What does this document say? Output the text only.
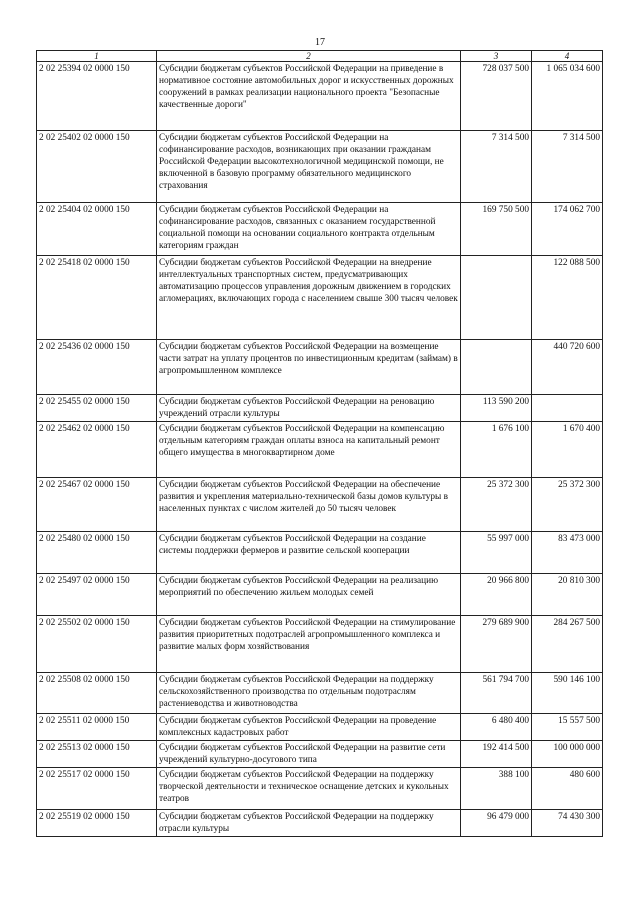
17
1	2	3	4
2 02 25394 02 0000 150	Субсидии бюджетам субъектов Российской Федерации на приведение в нормативное состояние автомобильных дорог и искусственных дорожных сооружений в рамках реализации национального проекта "Безопасные качественные дороги"	728 037 500	1 065 034 600
2 02 25402 02 0000 150	Субсидии бюджетам субъектов Российской Федерации на софинансирование расходов, возникающих при оказании гражданам Российской Федерации высокотехнологичной медицинской помощи, не включенной в базовую программу обязательного медицинского страхования	7 314 500	7 314 500
2 02 25404 02 0000 150	Субсидии бюджетам субъектов Российской Федерации на софинансирование расходов, связанных с оказанием государственной социальной помощи на основании социального контракта отдельным категориям граждан	169 750 500	174 062 700
2 02 25418 02 0000 150	Субсидии бюджетам субъектов Российской Федерации на внедрение интеллектуальных транспортных систем, предусматривающих автоматизацию процессов управления дорожным движением в городских агломерациях, включающих города с населением свыше 300 тысяч человек		122 088 500
2 02 25436 02 0000 150	Субсидии бюджетам субъектов Российской Федерации на возмещение части затрат на уплату процентов по инвестиционным кредитам (займам) в агропромышленном комплексе		440 720 600
2 02 25455 02 0000 150	Субсидии бюджетам субъектов Российской Федерации на реновацию учреждений отрасли культуры	113 590 200	
2 02 25462 02 0000 150	Субсидии бюджетам субъектов Российской Федерации на компенсацию отдельным категориям граждан оплаты взноса на капитальный ремонт общего имущества в многоквартирном доме	1 676 100	1 670 400
2 02 25467 02 0000 150	Субсидии бюджетам субъектов Российской Федерации на обеспечение развития и укрепления материально-технической базы домов культуры в населенных пунктах с числом жителей до 50 тысяч человек	25 372 300	25 372 300
2 02 25480 02 0000 150	Субсидии бюджетам субъектов Российской Федерации на создание системы поддержки фермеров и развитие сельской кооперации	55 997 000	83 473 000
2 02 25497 02 0000 150	Субсидии бюджетам субъектов Российской Федерации на реализацию мероприятий по обеспечению жильем молодых семей	20 966 800	20 810 300
2 02 25502 02 0000 150	Субсидии бюджетам субъектов Российской Федерации на стимулирование развития приоритетных подотраслей агропромышленного комплекса и развитие малых форм хозяйствования	279 689 900	284 267 500
2 02 25508 02 0000 150	Субсидии бюджетам субъектов Российской Федерации на поддержку сельскохозяйственного производства по отдельным подотраслям растениеводства и животноводства	561 794 700	590 146 100
2 02 25511 02 0000 150	Субсидии бюджетам субъектов Российской Федерации на проведение комплексных кадастровых работ	6 480 400	15 557 500
2 02 25513 02 0000 150	Субсидии бюджетам субъектов Российской Федерации на развитие сети учреждений культурно-досугового типа	192 414 500	100 000 000
2 02 25517 02 0000 150	Субсидии бюджетам субъектов Российской Федерации на поддержку творческой деятельности и техническое оснащение детских и кукольных театров	388 100	480 600
2 02 25519 02 0000 150	Субсидии бюджетам субъектов Российской Федерации на поддержку отрасли культуры	96 479 000	74 430 300
